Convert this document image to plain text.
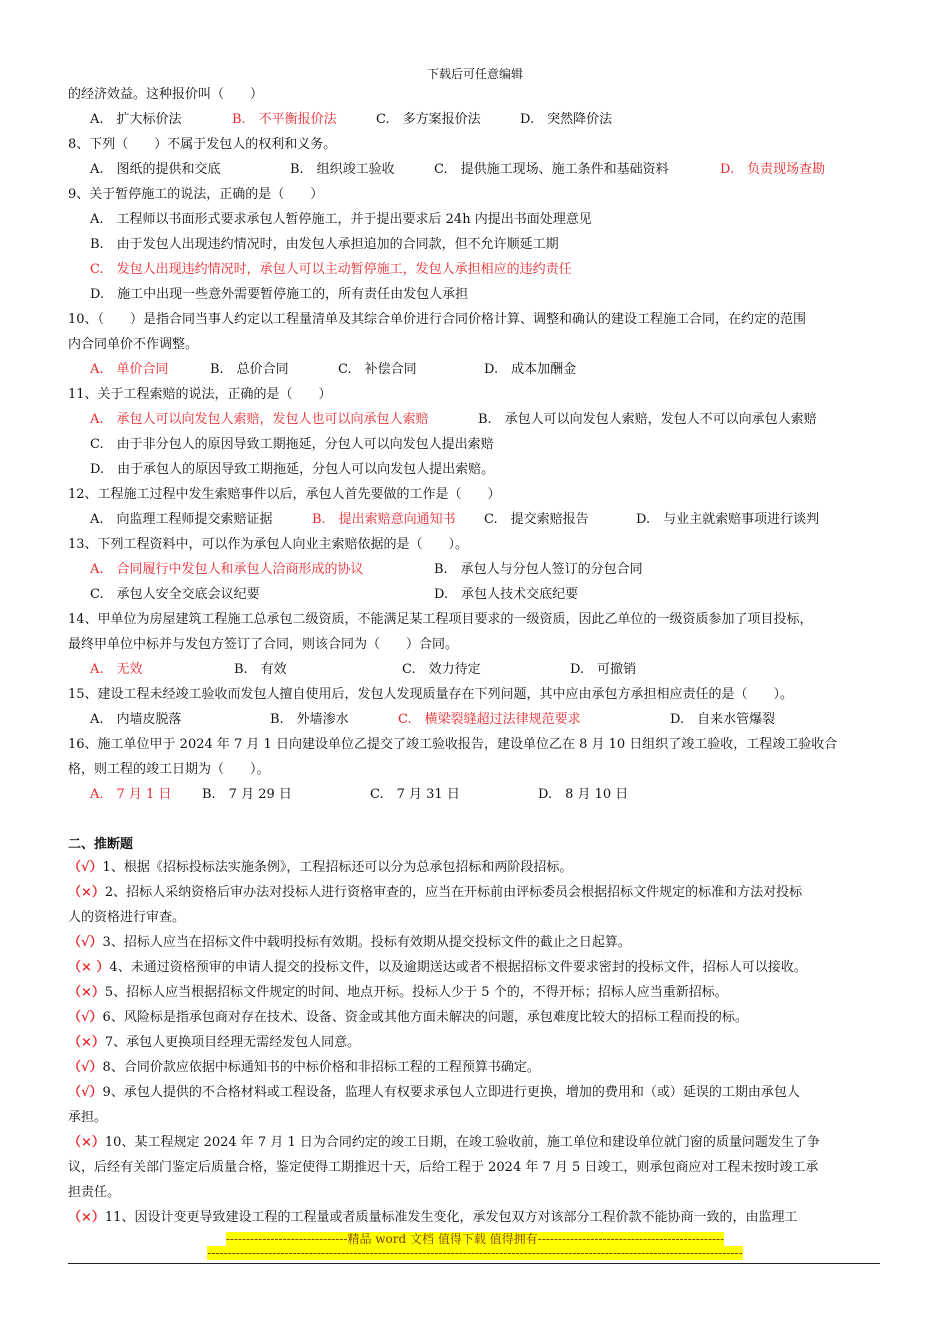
下载后可任意编辑
的经济效益。这种报价叫（　　）
A.　扩大标价法	B.　不平衡报价法	C.　多方案报价法	D.　突然降价法
8、下列（　　）不属于发包人的权利和义务。
A.　图纸的提供和交底	B.　组织竣工验收	C.　提供施工现场、施工条件和基础资料	D.　负责现场查勘
9、关于暂停施工的说法，正确的是（　　）
A.　工程师以书面形式要求承包人暂停施工，并于提出要求后 24h 内提出书面处理意见
B.　由于发包人出现违约情况时，由发包人承担追加的合同款，但不允许顺延工期
C.　发包人出现违约情况时，承包人可以主动暂停施工，发包人承担相应的违约责任
D.　施工中出现一些意外需要暂停施工的，所有责任由发包人承担
10、（　　）是指合同当事人约定以工程量清单及其综合单价进行合同价格计算、调整和确认的建设工程施工合同，在约定的范围
内合同单价不作调整。
A.　单价合同	B.　总价合同	C.　补偿合同	D.　成本加酬金
11、关于工程索赔的说法，正确的是（　　）
A.　承包人可以向发包人索赔，发包人也可以向承包人索赔	B.　承包人可以向发包人索赔，发包人不可以向承包人索赔
C.　由于非分包人的原因导致工期拖延，分包人可以向发包人提出索赔
D.　由于承包人的原因导致工期拖延，分包人可以向发包人提出索赔。
12、工程施工过程中发生索赔事件以后，承包人首先要做的工作是（　　）
A.　向监理工程师提交索赔证据	B.　提出索赔意向通知书 C.　提交索赔报告	D.　与业主就索赔事项进行谈判
13、下列工程资料中，可以作为承包人向业主索赔依据的是（　　）。
A.　合同履行中发包人和承包人洽商形成的协议	B.　承包人与分包人签订的分包合同
C.　承包人安全交底会议纪要	D.　承包人技术交底纪要
14、甲单位为房屋建筑工程施工总承包二级资质，不能满足某工程项目要求的一级资质，因此乙单位的一级资质参加了项目投标，
最终甲单位中标并与发包方签订了合同，则该合同为（　　）合同。
A.　无效	B.　有效	C.　效力待定	D.　可撤销
15、建设工程未经竣工验收而发包人擅自使用后，发包人发现质量存在下列问题，其中应由承包方承担相应责任的是（　　）。
A.　内墙皮脱落	B.　外墙渗水	C.　横梁裂缝超过法律规范要求	D.　自来水管爆裂
16、施工单位甲于 2024 年 7 月 1 日向建设单位乙提交了竣工验收报告，建设单位乙在 8 月 10 日组织了竣工验收，工程竣工验收合
格，则工程的竣工日期为（　　）。
A.　7 月 1 日 B.　7 月 29 日	C.　7 月 31 日	D.　8 月 10 日
二、推断题
（√）1、根据《招标投标法实施条例》，工程招标还可以分为总承包招标和两阶段招标。
（×）2、招标人采纳资格后审办法对投标人进行资格审查的，应当在开标前由评标委员会根据招标文件规定的标准和方法对投标
人的资格进行审查。
（√）3、招标人应当在招标文件中载明投标有效期。投标有效期从提交投标文件的截止之日起算。
（× ）4、未通过资格预审的申请人提交的投标文件，以及逾期送达或者不根据招标文件要求密封的投标文件，招标人可以接收。
（×）5、招标人应当根据招标文件规定的时间、地点开标。投标人少于 5 个的，不得开标；招标人应当重新招标。
（√）6、风险标是指承包商对存在技术、设备、资金或其他方面未解决的问题，承包难度比较大的招标工程而投的标。
（×）7、承包人更换项目经理无需经发包人同意。
（√）8、合同价款应依据中标通知书的中标价格和非招标工程的工程预算书确定。
（√）9、承包人提供的不合格材料或工程设备，监理人有权要求承包人立即进行更换，增加的费用和（或）延误的工期由承包人
承担。
（×）10、某工程规定 2024 年 7 月 1 日为合同约定的竣工日期，在竣工验收前，施工单位和建设单位就门窗的质量问题发生了争
议，后经有关部门鉴定后质量合格，鉴定使得工期推迟十天，后给工程于 2024 年 7 月 5 日竣工，则承包商应对工程未按时竣工承
担责任。
（×）11、因设计变更导致建设工程的工程量或者质量标准发生变化，承发包双方对该部分工程价款不能协商一致的，由监理工
------------------------------精品 word 文档 值得下载 值得拥有----------------------------------------------
------------------------------------------------------------------------------------------------------------------------------------
